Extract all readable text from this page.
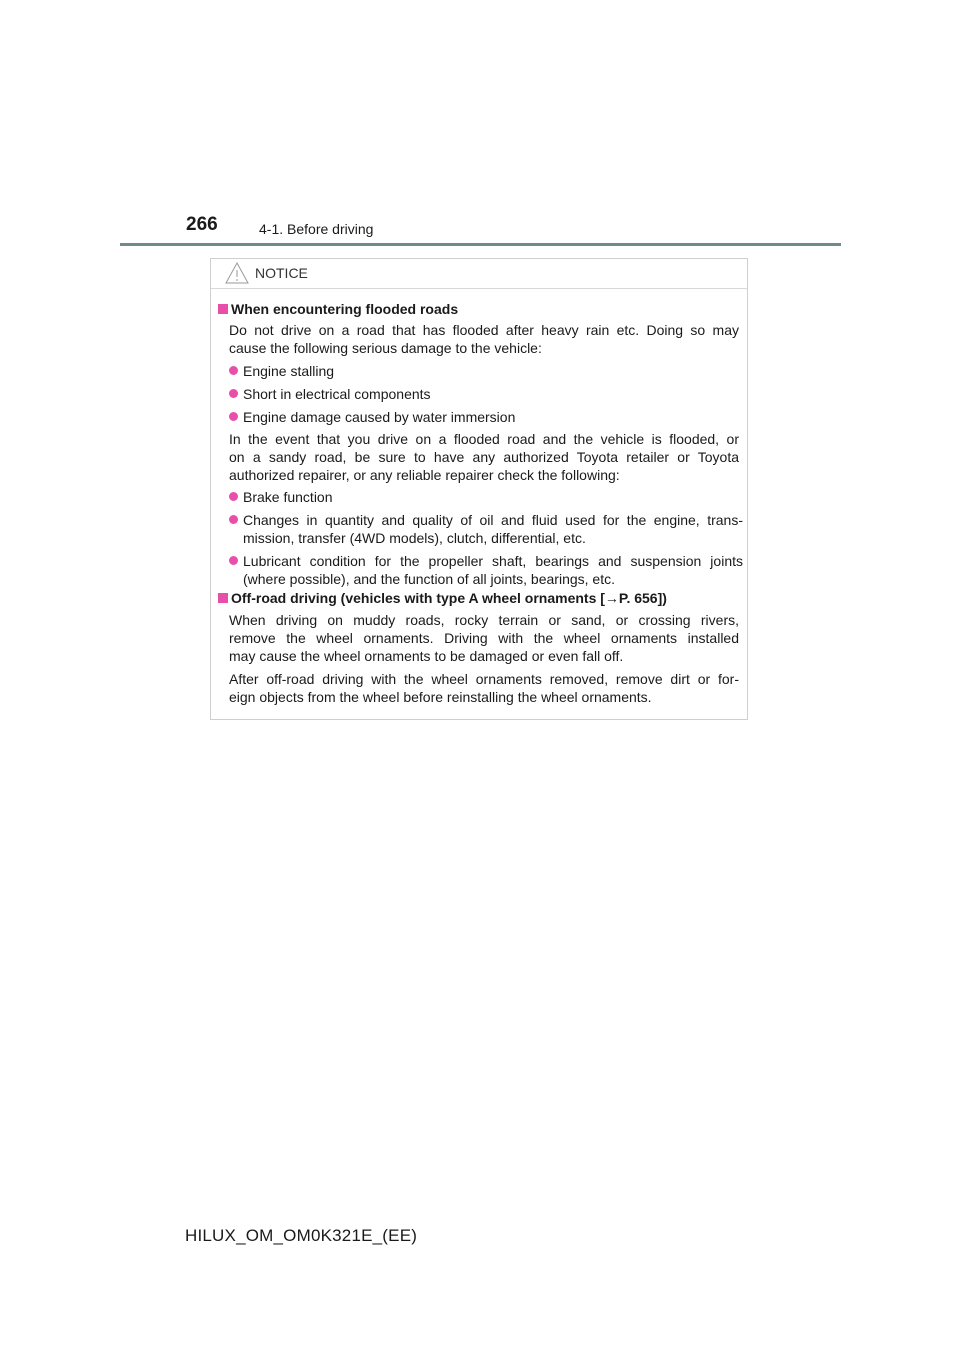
266	4-1. Before driving
NOTICE
When encountering flooded roads
Do not drive on a road that has flooded after heavy rain etc. Doing so may
cause the following serious damage to the vehicle:
Engine stalling
Short in electrical components
Engine damage caused by water immersion
In the event that you drive on a flooded road and the vehicle is flooded, or
on a sandy road, be sure to have any authorized Toyota retailer or Toyota
authorized repairer, or any reliable repairer check the following:
Brake function
Changes in quantity and quality of oil and fluid used for the engine, trans-
mission, transfer (4WD models), clutch, differential, etc.
Lubricant condition for the propeller shaft, bearings and suspension joints
(where possible), and the function of all joints, bearings, etc.
Off-road driving (vehicles with type A wheel ornaments [→P. 656])
When driving on muddy roads, rocky terrain or sand, or crossing rivers,
remove the wheel ornaments. Driving with the wheel ornaments installed
may cause the wheel ornaments to be damaged or even fall off.
After off-road driving with the wheel ornaments removed, remove dirt or for-
eign objects from the wheel before reinstalling the wheel ornaments.
HILUX_OM_OM0K321E_(EE)
